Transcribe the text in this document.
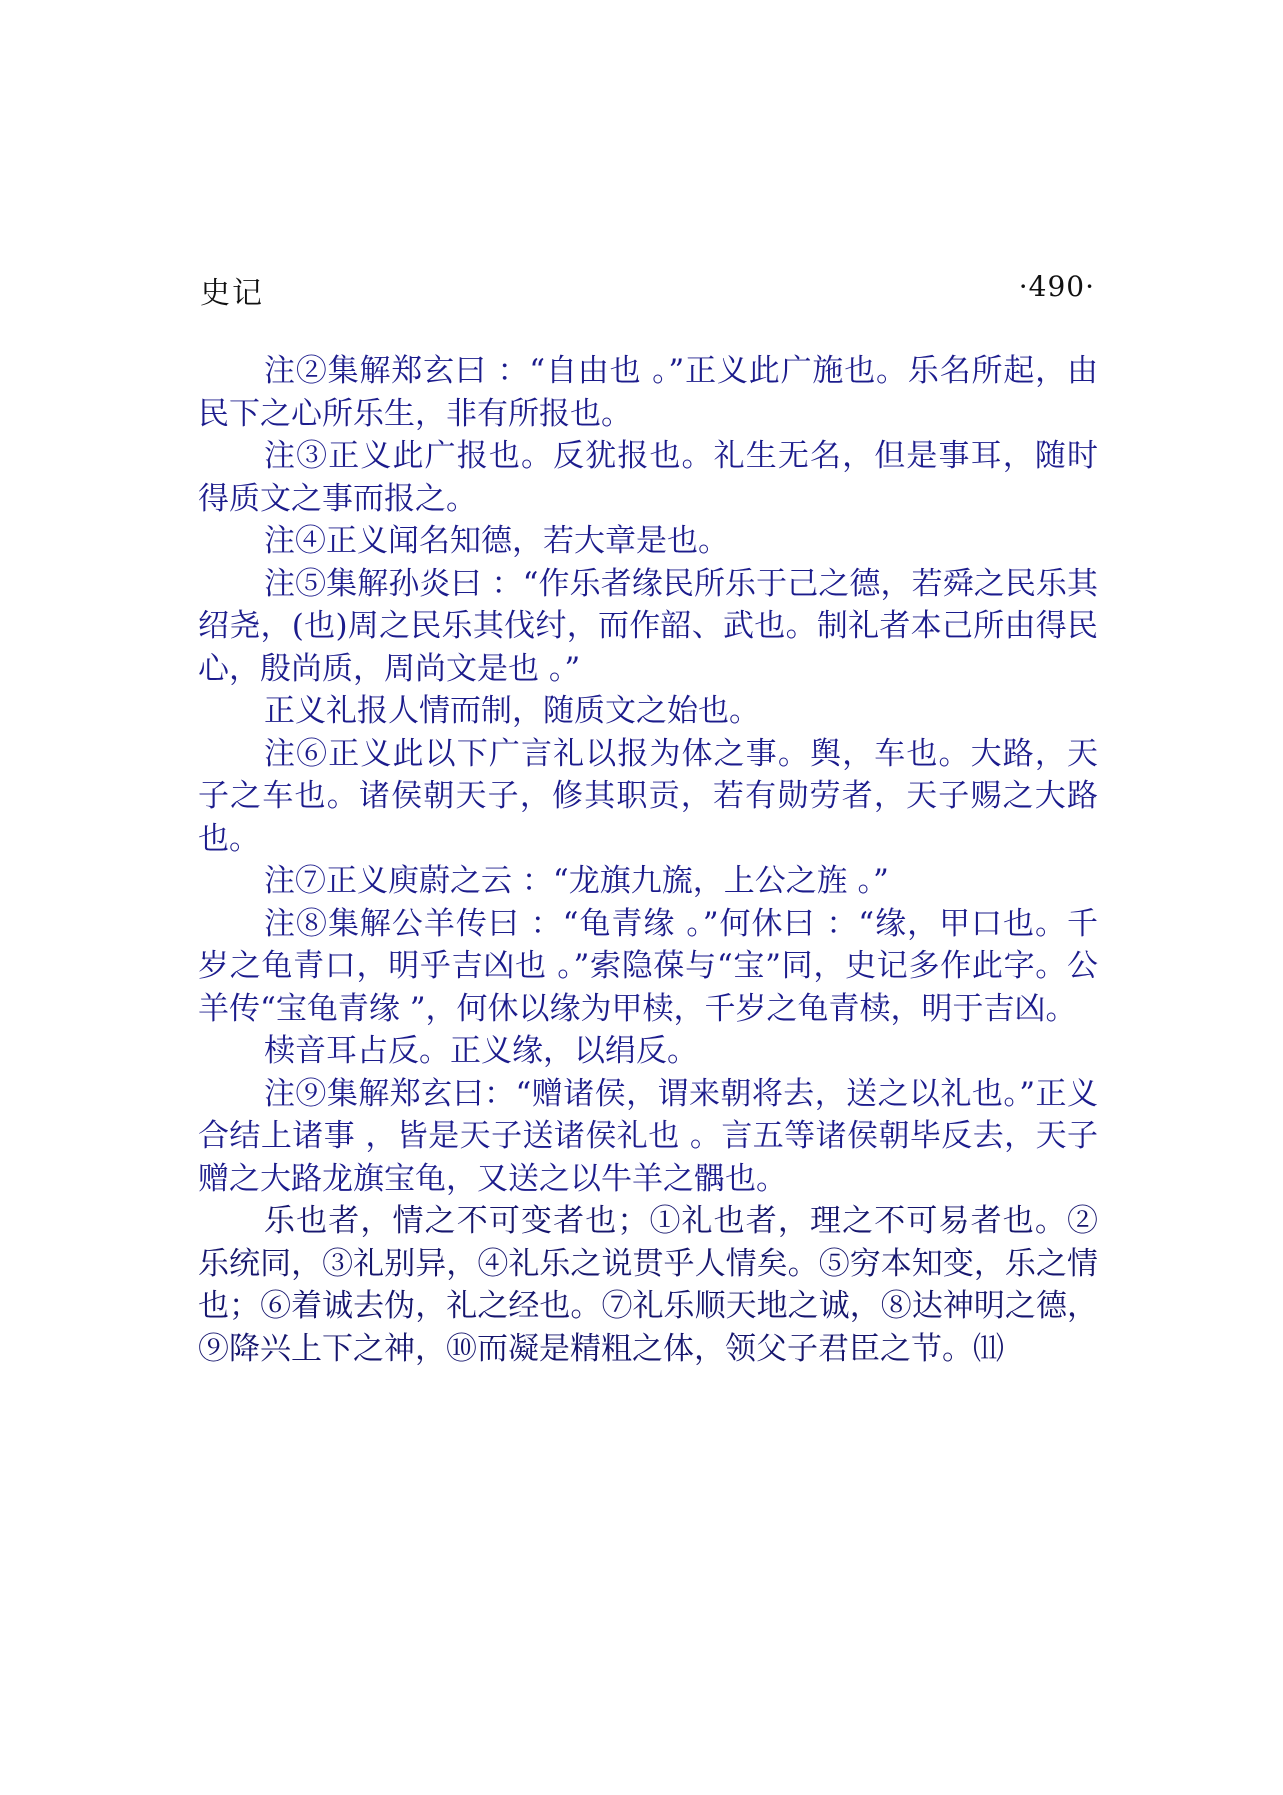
史记	·490·

注②集解郑玄曰 ：“自由也 。”正义此广施也。乐名所起，由民下之心所乐生，非有所报也。

注③正义此广报也。反犹报也。礼生无名，但是事耳，随时得质文之事而报之。

注④正义闻名知德，若大章是也。

注⑤集解孙炎曰 ：“作乐者缘民所乐于己之德，若舜之民乐其绍尧，(也)周之民乐其伐纣，而作韶、武也。制礼者本己所由得民心，殷尚质，周尚文是也 。”

正义礼报人情而制，随质文之始也。

注⑥正义此以下广言礼以报为体之事。舆，车也。大路，天子之车也。诸侯朝天子，修其职贡，若有勋劳者，天子赐之大路也。

注⑦正义庾蔚之云 ：“龙旗九旒，上公之旌 。”

注⑧集解公羊传曰 ：“龟青缘 。”何休曰 ：“缘，甲口也。千岁之龟青口，明乎吉凶也 。”索隐葆与“宝”同，史记多作此字。公羊传“宝龟青缘 ”，何休以缘为甲椟，千岁之龟青椟，明于吉凶。

椟音耳占反。正义缘，以绢反。

注⑨集解郑玄曰：“赠诸侯，谓来朝将去，送之以礼也。”正义合结上诸事 ，皆是天子送诸侯礼也 。言五等诸侯朝毕反去，天子赠之大路龙旗宝龟，又送之以牛羊之髃也。

乐也者，情之不可变者也；①礼也者，理之不可易者也。②乐统同，③礼别异，④礼乐之说贯乎人情矣。⑤穷本知变，乐之情也；⑥着诚去伪，礼之经也。⑦礼乐顺天地之诚，⑧达神明之德，⑨降兴上下之神，⑩而凝是精粗之体，领父子君臣之节。⑾
